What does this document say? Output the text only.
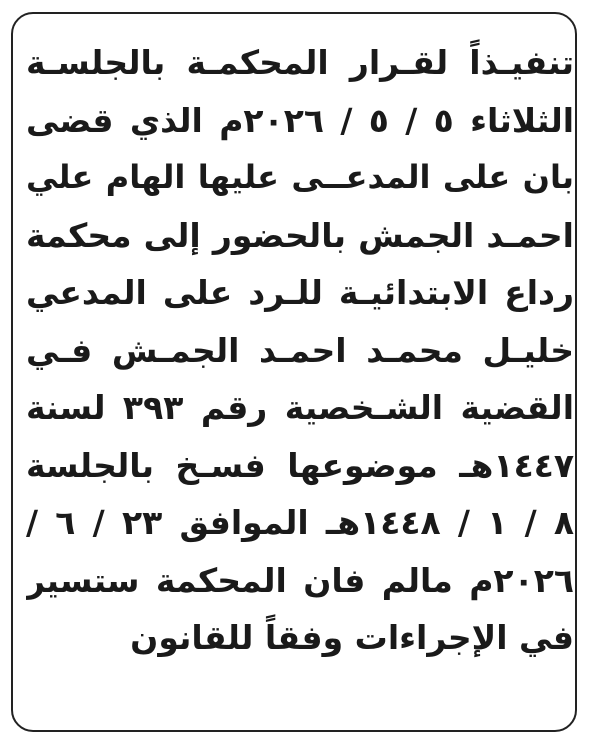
تنفيـذاً لقـرار المحكمـة بالجلسـة
الثلاثاء ٥ / ٥ / ٢٠٢٦م الذي قضى
بان على المدعــى عليها الهام علي
احمـد الجمش بالحضور إلى محكمة
رداع الابتدائيـة للـرد على المدعي
خليـل محمـد احمـد الجمـش فـي
القضية الشـخصية رقم ٣٩٣ لسنة
١٤٤٧هـ موضوعها فسـخ بالجلسة
٨ / ١ / ١٤٤٨هـ الموافق ٢٣ / ٦ /
٢٠٢٦م مالم فان المحكمة ستسير
في الإجراءات وفقاً للقانون
